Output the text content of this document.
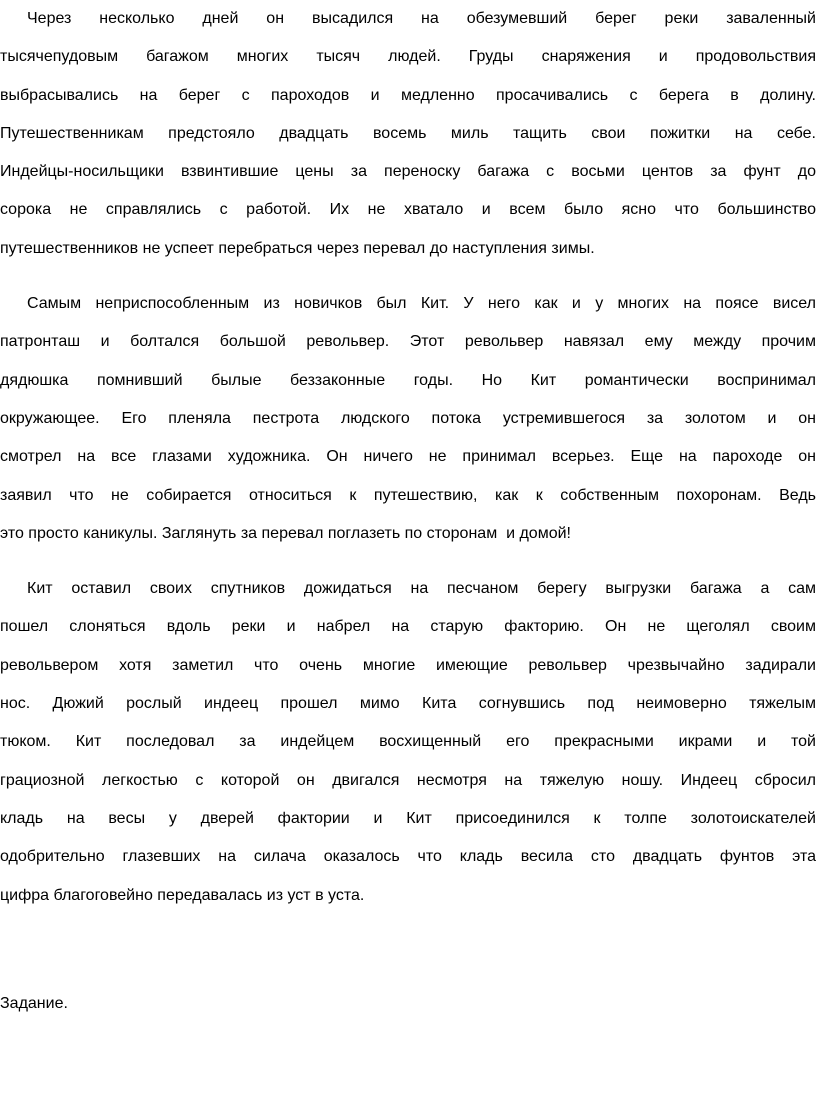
Через несколько дней он высадился на обезумевший берег реки заваленный
тысячепудовым багажом многих тысяч людей. Груды снаряжения и продовольствия
выбрасывались на берег с пароходов и медленно просачивались с берега в долину.
Путешественникам предстояло двадцать восемь миль тащить свои пожитки на себе.
Индейцы-носильщики взвинтившие цены за переноску багажа с восьми центов за фунт до
сорока не справлялись с работой. Их не хватало и всем было ясно что большинство
путешественников не успеет перебраться через перевал до наступления зимы.
Самым неприспособленным из новичков был Кит. У него как и у многих на поясе висел
патронташ и болтался большой револьвер. Этот револьвер навязал ему между прочим
дядюшка помнивший былые беззаконные годы. Но Кит романтически воспринимал
окружающее. Его пленяла пестрота людского потока устремившегося за золотом и он
смотрел на все глазами художника. Он ничего не принимал всерьез. Еще на пароходе он
заявил что не собирается относиться к путешествию, как к собственным похоронам. Ведь
это просто каникулы. Заглянуть за перевал поглазеть по сторонам  и домой!
Кит оставил своих спутников дожидаться на песчаном берегу выгрузки багажа а сам
пошел слоняться вдоль реки и набрел на старую факторию. Он не щеголял своим
револьвером хотя заметил что очень многие имеющие револьвер чрезвычайно задирали
нос. Дюжий рослый индеец прошел мимо Кита согнувшись под неимоверно тяжелым
тюком. Кит последовал за индейцем восхищенный его прекрасными икрами и той
грациозной легкостью с которой он двигался несмотря на тяжелую ношу. Индеец сбросил
кладь на весы у дверей фактории и Кит присоединился к толпе золотоискателей
одобрительно глазевших на силача оказалось что кладь весила сто двадцать фунтов эта
цифра благоговейно передавалась из уст в уста.
Задание.
